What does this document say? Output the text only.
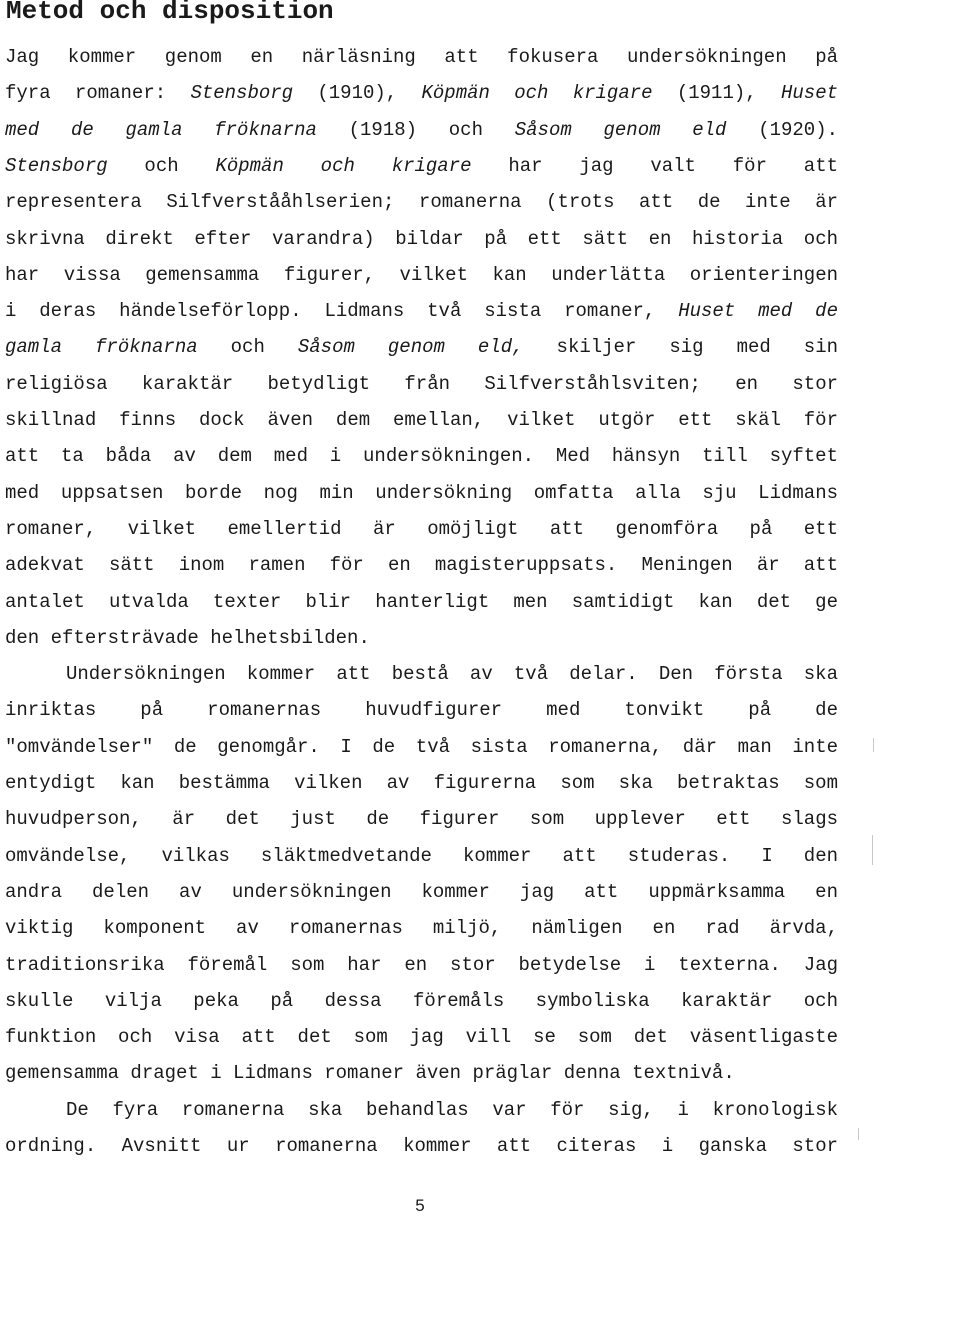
Metod och disposition
Jag kommer genom en närläsning att fokusera undersökningen på
fyra romaner: Stensborg (1910), Köpmän och krigare (1911), Huset
med de gamla fröknarna (1918) och Såsom genom eld (1920).
Stensborg och Köpmän och krigare har jag valt för att
representera Silfverstååhlserien; romanerna (trots att de inte är
skrivna direkt efter varandra) bildar på ett sätt en historia och
har vissa gemensamma figurer, vilket kan underlätta orienteringen
i deras händelseförlopp. Lidmans två sista romaner, Huset med de
gamla fröknarna och Såsom genom eld, skiljer sig med sin
religiösa karaktär betydligt från Silfverståhlsviten; en stor
skillnad finns dock även dem emellan, vilket utgör ett skäl för
att ta båda av dem med i undersökningen. Med hänsyn till syftet
med uppsatsen borde nog min undersökning omfatta alla sju Lidmans
romaner, vilket emellertid är omöjligt att genomföra på ett
adekvat sätt inom ramen för en magisteruppsats. Meningen är att
antalet utvalda texter blir hanterligt men samtidigt kan det ge
den eftersträvade helhetsbilden.
Undersökningen kommer att bestå av två delar. Den första ska
inriktas på romanernas huvudfigurer med tonvikt på de
"omvändelser" de genomgår. I de två sista romanerna, där man inte
entydigt kan bestämma vilken av figurerna som ska betraktas som
huvudperson, är det just de figurer som upplever ett slags
omvändelse, vilkas släktmedvetande kommer att studeras. I den
andra delen av undersökningen kommer jag att uppmärksamma en
viktig komponent av romanernas miljö, nämligen en rad ärvda,
traditionsrika föremål som har en stor betydelse i texterna. Jag
skulle vilja peka på dessa föremåls symboliska karaktär och
funktion och visa att det som jag vill se som det väsentligaste
gemensamma draget i Lidmans romaner även präglar denna textnivå.
De fyra romanerna ska behandlas var för sig, i kronologisk
ordning. Avsnitt ur romanerna kommer att citeras i ganska stor
5
